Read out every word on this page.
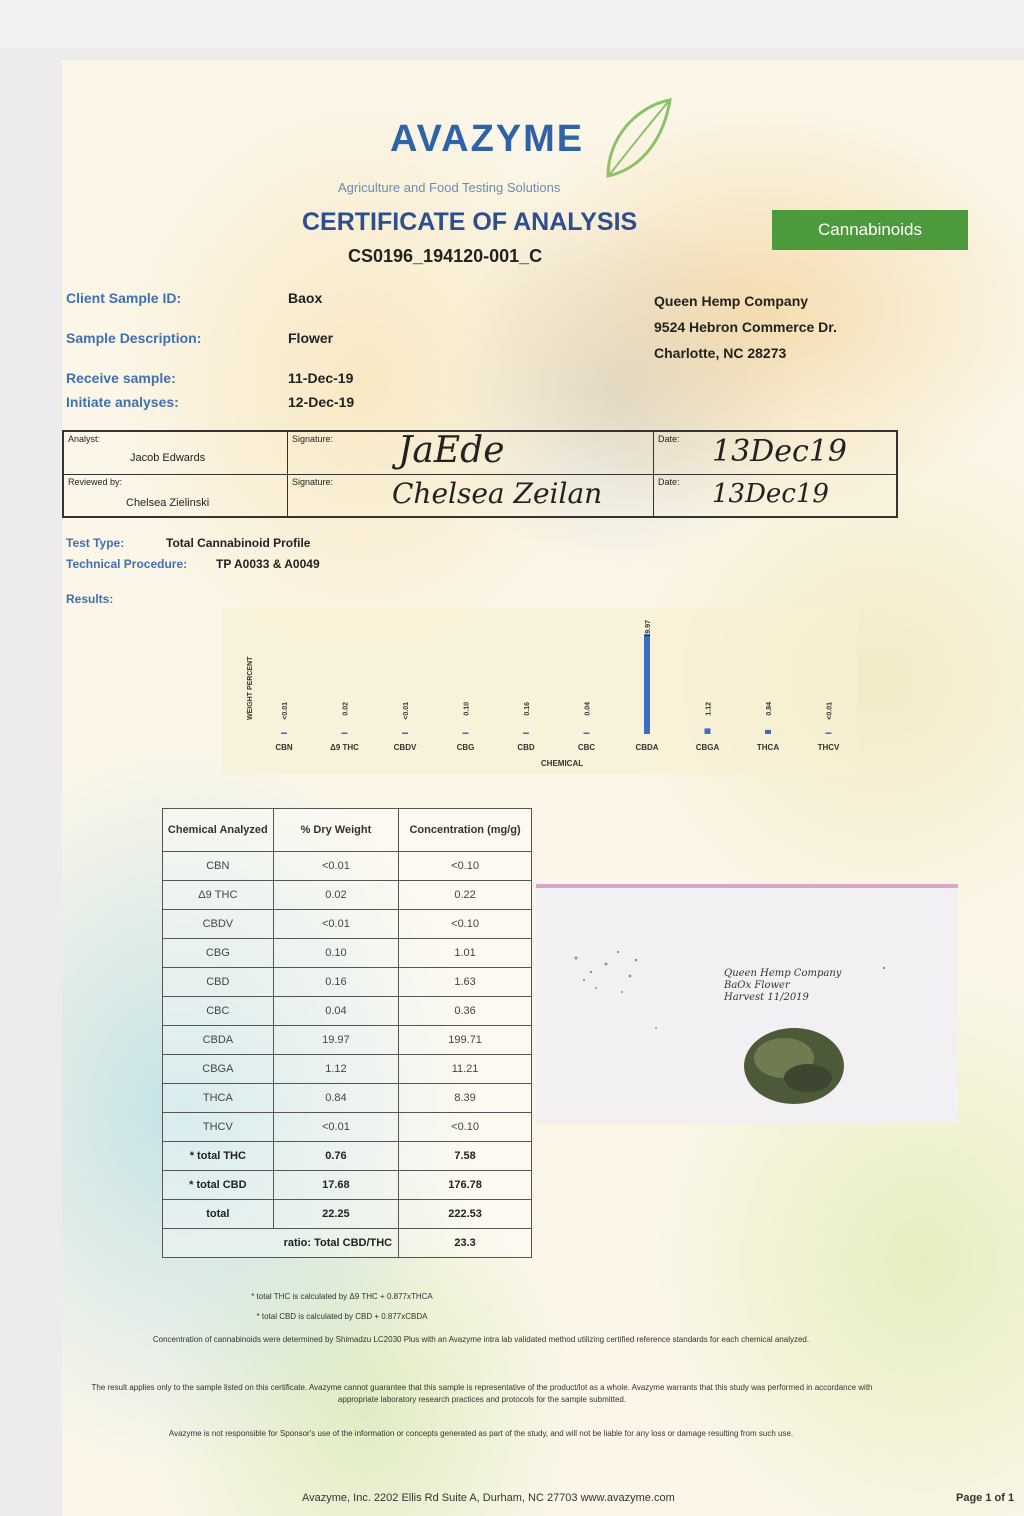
AVAZYME
Agriculture and Food Testing Solutions
CERTIFICATE OF ANALYSIS
CS0196_194120-001_C
Cannabinoids
Client Sample ID:	Baox
Sample Description:	Flower
Receive sample:	11-Dec-19
Initiate analyses:	12-Dec-19
Queen Hemp Company
9524 Hebron Commerce Dr.
Charlotte, NC 28273
Analyst:
Jacob Edwards
Signature: JaEde	Date: 13Dec19
Reviewed by:
Chelsea Zielinski
Signature: Chelsea Zeilan	Date: 13Dec19
Test Type:	Total Cannabinoid Profile
Technical Procedure: TP A0033 & A0049
Results:
WEIGHT PERCENT
CHEMICAL
<0.01
CBN
0.02
Δ9 THC
<0.01
CBDV
0.10
CBG
0.16
CBD
0.04
CBC
19.97
CBDA
1.12
CBGA
0.84
THCA
<0.01
THCV
Chemical Analyzed	% Dry Weight	Concentration (mg/g)
CBN	<0.01	<0.10
Δ9 THC	0.02	0.22
CBDV	<0.01	<0.10
CBG	0.10	1.01
CBD	0.16	1.63
CBC	0.04	0.36
CBDA	19.97	199.71
CBGA	1.12	11.21
THCA	0.84	8.39
THCV	<0.01	<0.10
* total THC	0.76	7.58
* total CBD	17.68	176.78
total	22.25	222.53
ratio: Total CBD/THC		23.3
Queen Hemp Company
BaOx Flower
Harvest 11/2019
* total THC is calculated by Δ9 THC + 0.877xTHCA
* total CBD is calculated by CBD + 0.877xCBDA
Concentration of cannabinoids were determined by Shimadzu LC2030 Plus with an Avazyme intra lab validated method utilizing certified reference standards for each chemical analyzed.
The result applies only to the sample listed on this certificate. Avazyme cannot guarantee that this sample is representative of the product/lot as a whole. Avazyme warrants that this study was performed in accordance with appropriate laboratory research practices and protocols for the sample submitted.
Avazyme is not responsible for Sponsor's use of the information or concepts generated as part of the study, and will not be liable for any loss or damage resulting from such use.
Avazyme, Inc. 2202 Ellis Rd Suite A, Durham, NC 27703 www.avazyme.com	Page 1 of 1
